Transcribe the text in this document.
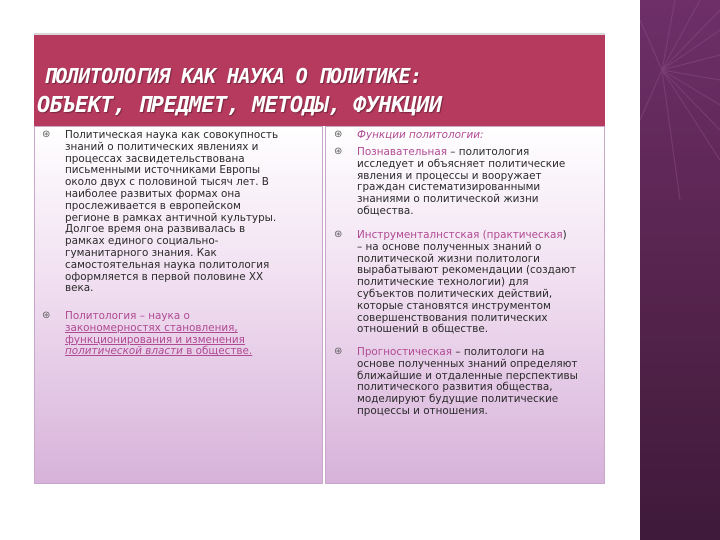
ПОЛИТОЛОГИЯ КАК НАУКА О ПОЛИТИКЕ:
ОБЪЕКТ, ПРЕДМЕТ, МЕТОДЫ, ФУНКЦИИ
⊛	Политическая наука как совокупность
знаний о политических явлениях и
процессах засвидетельствована
письменными источниками Европы
около двух с половиной тысяч лет. В
наиболее развитых формах она
прослеживается в европейском
регионе в рамках античной культуры.
Долгое время она развивалась в
рамках единого социально-
гуманитарного знания. Как
самостоятельная наука политология
оформляется в первой половине XX
века.
⊛	Политология – наука о
закономерностях становления,
функционирования и изменения
политической власти в обществе.
⊛	Функции политологии:
⊛	Познавательная – политология
исследует и объясняет политические
явления и процессы и вооружает
граждан систематизированными
знаниями о политической жизни
общества.
⊛	Инструменталнстская (практическая)
– на основе полученных знаний о
политической жизни политологи
вырабатывают рекомендации (создают
политические технологии) для
субъектов политических действий,
которые становятся инструментом
совершенствования политических
отношений в обществе.
⊛	Прогностическая – политологи на
основе полученных знаний определяют
ближайшие и отдаленные перспективы
политического развития общества,
моделируют будущие политические
процессы и отношения.
